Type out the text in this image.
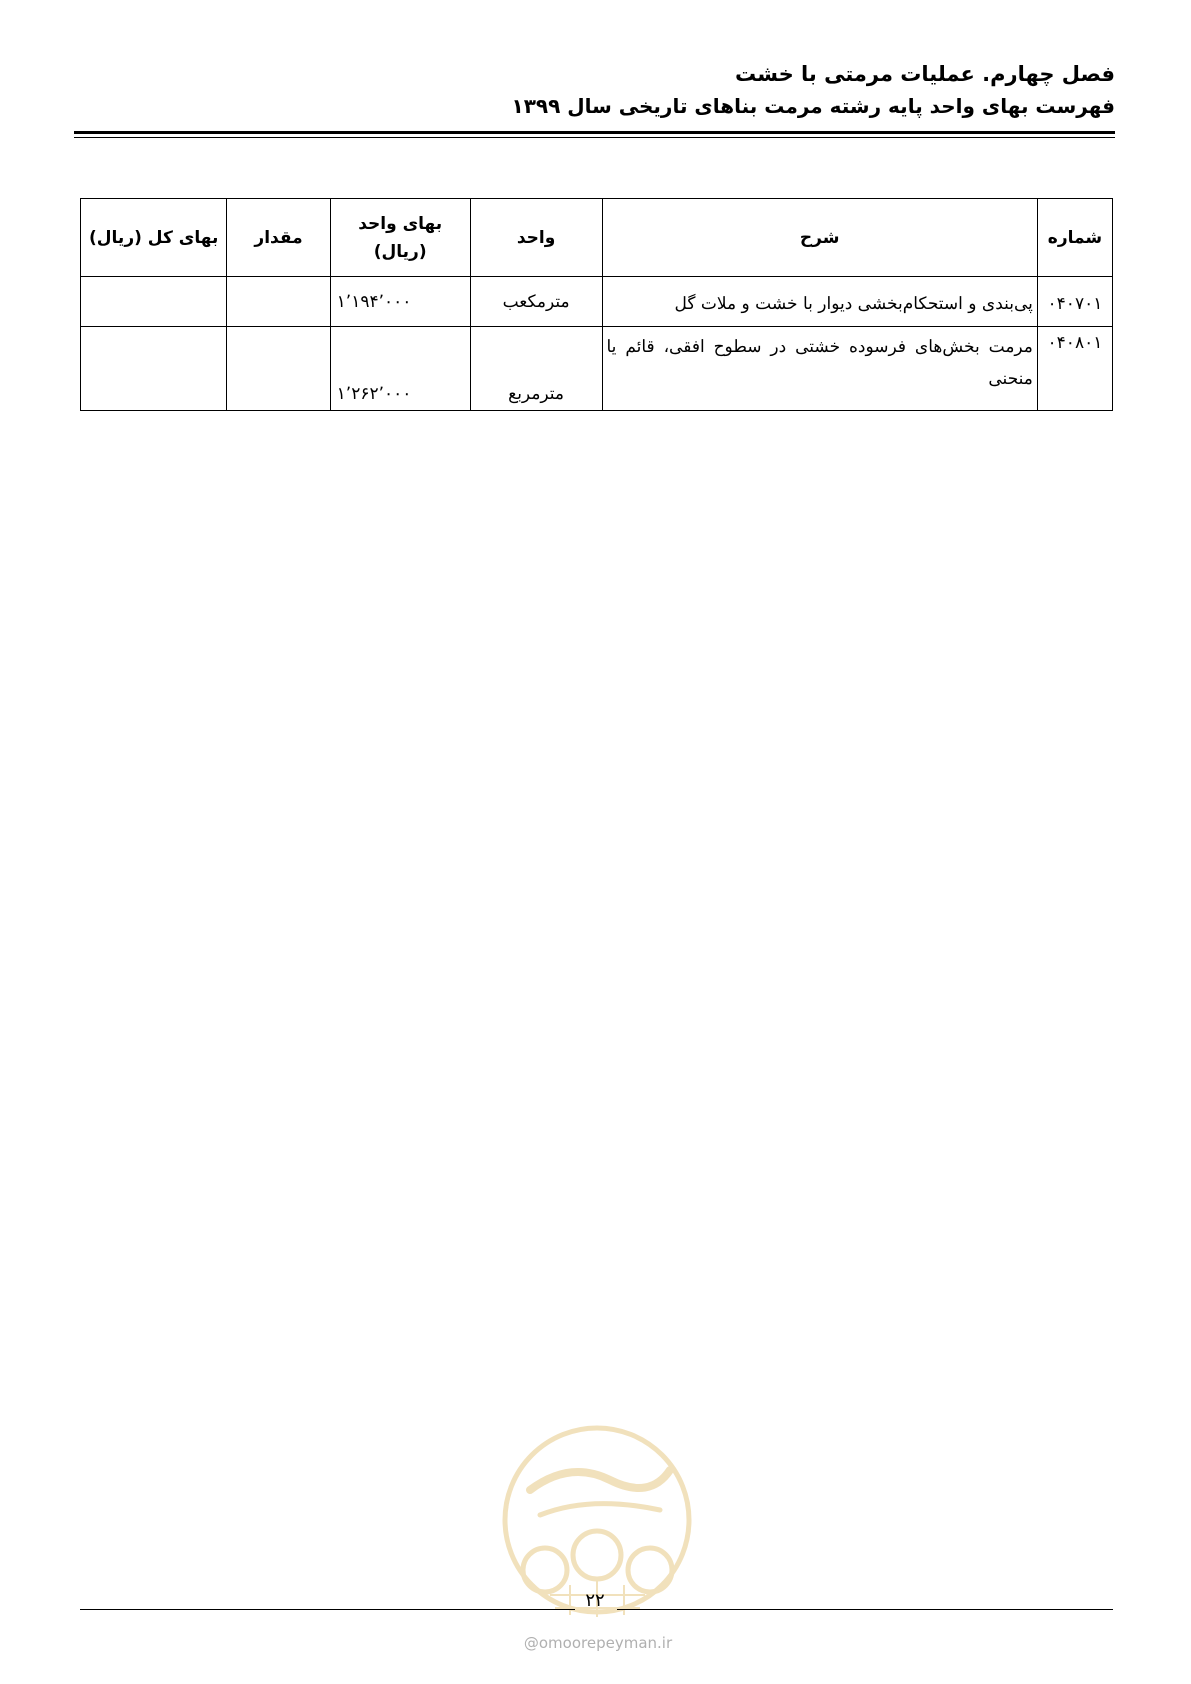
فصل چهارم. عملیات مرمتی با خشت
فهرست بهای واحد پایه رشته مرمت بناهای تاریخی سال ۱۳۹۹
شماره	شرح	واحد	بهای واحد (ریال)	مقدار	بهای کل (ریال)
۰۴۰۷۰۱	پی‌بندی و استحکام‌بخشی دیوار با خشت و ملات گل	مترمکعب	۱٬۱۹۴٬۰۰۰		
۰۴۰۸۰۱	مرمت بخش‌های فرسوده خشتی در سطوح افقی، قائم یا منحنی	مترمربع	۱٬۲۶۲٬۰۰۰		
۲۲
@omoorepeyman.ir
